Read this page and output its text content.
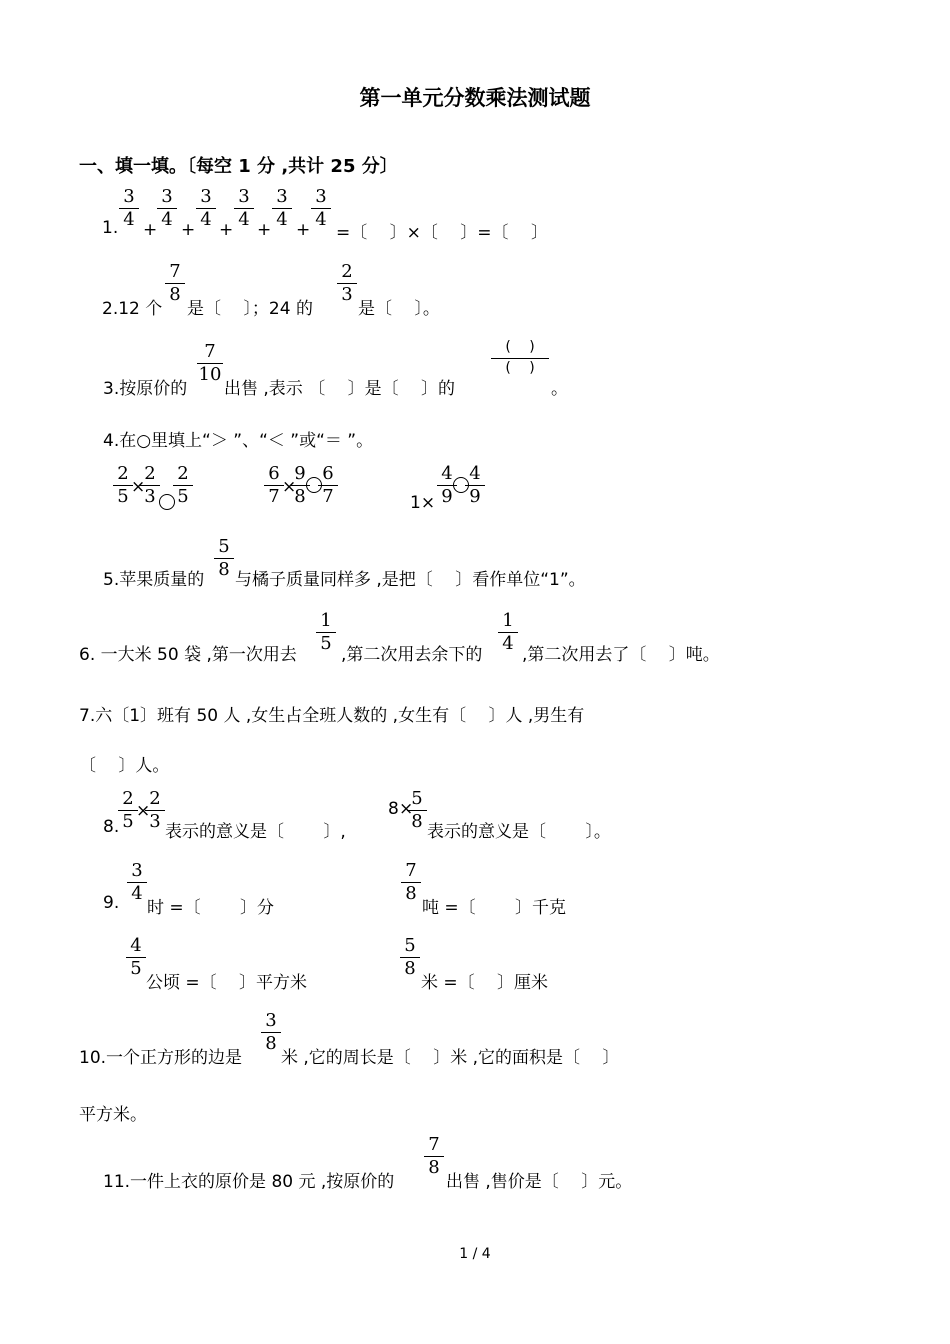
第一单元分数乘法测试题
一、填一填。〔每空 1 分 ,共计 25 分〕
1. $\frac{3}{4} + \frac{3}{4} + \frac{3}{4} + \frac{3}{4} + \frac{3}{4} + \frac{3}{4}$
=〔　 〕×〔　 〕=〔　 〕
2.12 个
$\frac{7}{8}$
是〔　 〕；24 的
$\frac{2}{3}$
是〔　 〕。
3.按原价的
$\frac{7}{10}$
出售 ,表示 〔　 〕是〔　 〕的
(　 )
(　 )
。
4.在○里填上“＞ ”、“＜ ”或“＝ ”。
$\frac{2}{5}$
×
$\frac{2}{3} \frac{2}{5}$	$\frac{6}{7}$
×
$\frac{9}{8} \frac{6}{7}$	$1\times \frac{4}{9} \frac{4}{9}$
5.苹果质量的 $\frac{5}{8}$ 与橘子质量同样多 ,是把〔　 〕看作单位“1”。
6. 一大米 50 袋 ,第一次用去 $\frac{1}{5}$ ,第二次用去余下的 $\frac{1}{4}$ ,第二次用去了〔　 〕吨。
7.六〔1〕班有 50 人 ,女生占全班人数的 ,女生有〔　 〕人 ,男生有
〔　 〕人。
8.
$\frac{2}{5}$
×
$\frac{2}{3}$ 表示的意义是〔　　 〕,
8 ×
$\frac{5}{8}$ 表示的意义是〔　　 〕。
9. $\frac{3}{4}$
时 =〔　　 〕分
$\frac{7}{8}$
吨 =〔　　 〕千克
$\frac{4}{5}$
公顷 =〔　 〕平方米
$\frac{5}{8}$
米 =〔　 〕厘米
10.一个正方形的边是
$\frac{3}{8}$
米 ,它的周长是〔　 〕米 ,它的面积是〔　 〕
平方米。
11.一件上衣的原价是 80 元 ,按原价的
$\frac{7}{8}$
出售 ,售价是〔　 〕元。
1 / 4
